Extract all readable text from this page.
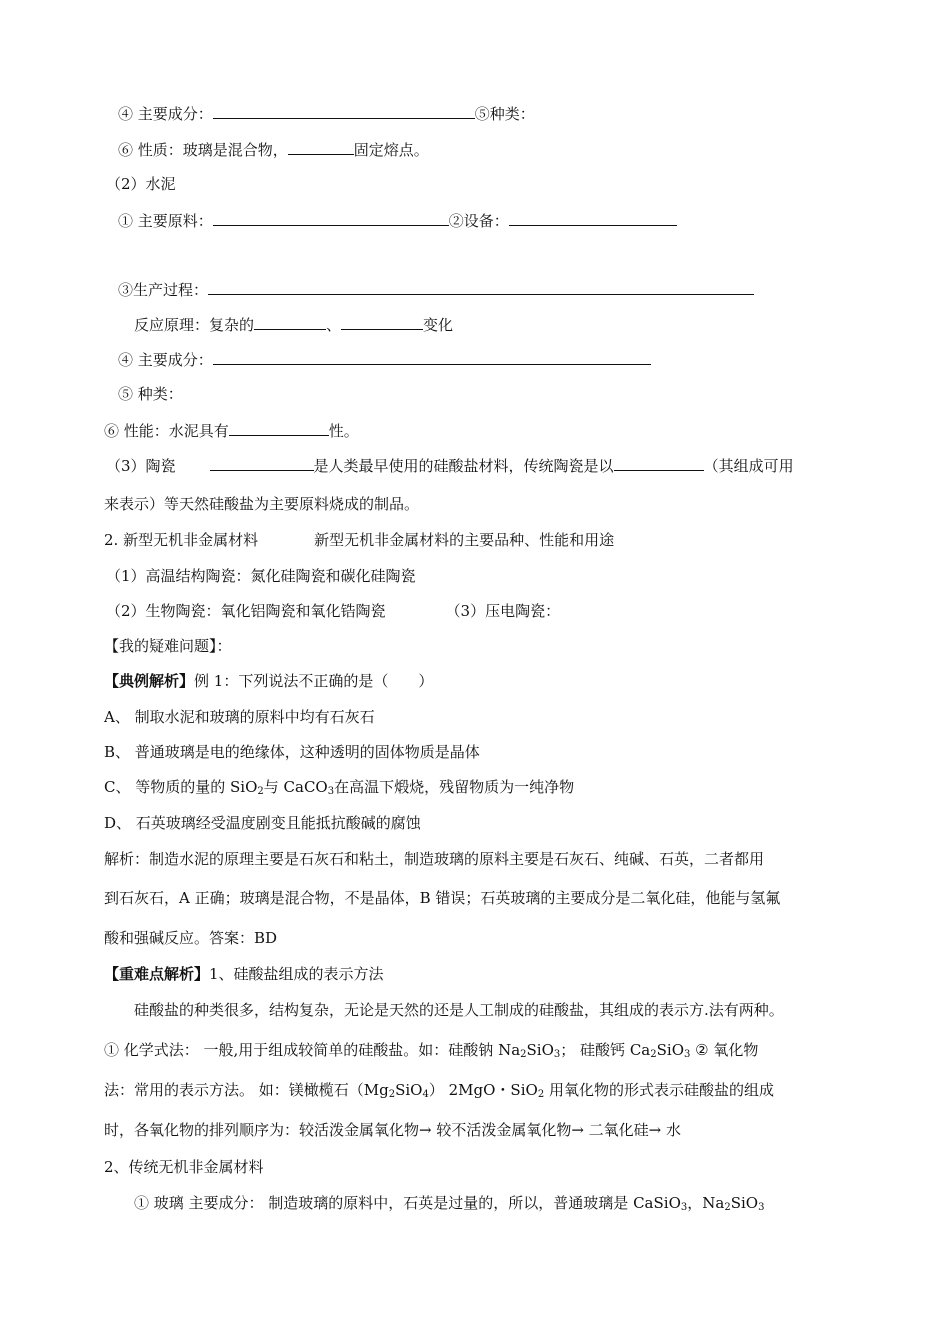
④ 主要成分：	⑤种类：
⑥ 性质：玻璃是混合物，	固定熔点。
（2）水泥
① 主要原料：	②设备：
③生产过程：
反应原理：复杂的	、	变化
④ 主要成分：
⑤ 种类：
⑥ 性能：水泥具有	性。
（3）陶瓷	是人类最早使用的硅酸盐材料，传统陶瓷是以	（其组成可用
来表示）等天然硅酸盐为主要原料烧成的制品。
2. 新型无机非金属材料	新型无机非金属材料的主要品种、性能和用途
（1）高温结构陶瓷：氮化硅陶瓷和碳化硅陶瓷
（2）生物陶瓷：氧化铝陶瓷和氧化锆陶瓷	（3）压电陶瓷：
【我的疑难问题】：
【典例解析】例 1：下列说法不正确的是（　　）
A、 制取水泥和玻璃的原料中均有石灰石
B、 普通玻璃是电的绝缘体，这种透明的固体物质是晶体
C、 等物质的量的 SiO$_2$与 CaCO$_3$在高温下煅烧，残留物质为一纯净物
D、 石英玻璃经受温度剧变且能抵抗酸碱的腐蚀
解析：制造水泥的原理主要是石灰石和粘土，制造玻璃的原料主要是石灰石、纯碱、石英，二者都用
到石灰石，A 正确；玻璃是混合物，不是晶体，B 错误；石英玻璃的主要成分是二氧化硅，他能与氢氟
酸和强碱反应。答案：BD
【重难点解析】1、硅酸盐组成的表示方法
硅酸盐的种类很多，结构复杂，无论是天然的还是人工制成的硅酸盐，其组成的表示方.法有两种。
① 化学式法： 一般,用于组成较简单的硅酸盐。如：硅酸钠 $Na_2SiO_3$； 硅酸钙 $Ca_2SiO_3$ ② 氧化物
法：常用的表示方法。 如：镁橄榄石$(Mg_2SiO_4)$ 2MgO・SiO$_2$ 用氧化物的形式表示硅酸盐的组成
时，各氧化物的排列顺序为：较活泼金属氧化物→ 较不活泼金属氧化物→ 二氧化硅→ 水
2、传统无机非金属材料
① 玻璃 主要成分： 制造玻璃的原料中，石英是过量的，所以，普通玻璃是 CaSiO$_3$，$Na_2SiO_3$
